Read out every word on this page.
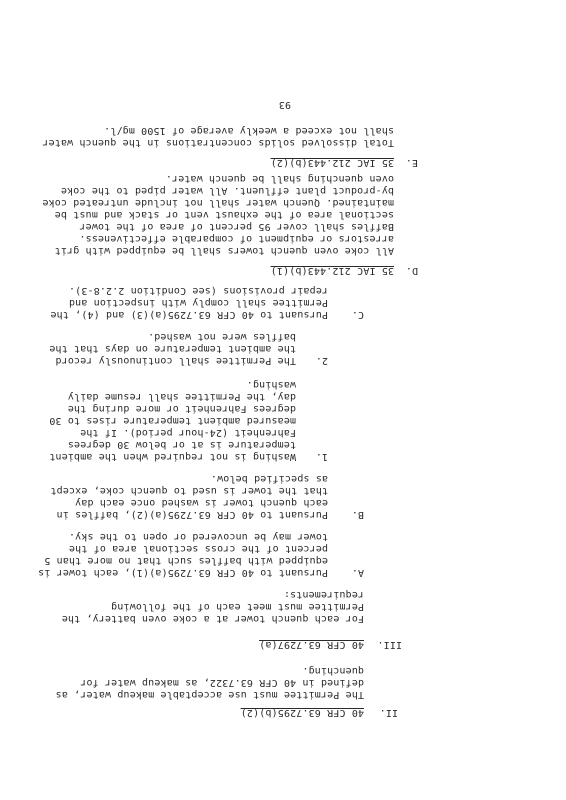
II.
40 CFR 63.7295(b)(2)
The Permittee must use acceptable makeup water, as
defined in 40 CFR 63.7322, as makeup water for
quenching.
III.
40 CFR 63.7297(a)
For each quench tower at a coke oven battery, the
Permittee must meet each of the following
requirements:
A.
Pursuant to 40 CFR 63.7295(a)(1), each tower is
equipped with baffles such that no more than 5
percent of the cross sectional area of the
tower may be uncovered or open to the sky.
B.
Pursuant to 40 CFR 63.7295(a)(2), baffles in
each quench tower is washed once each day
that the tower is used to quench coke, except
as specified below.
1.
Washing is not required when the ambient
temperature is at or below 30 degrees
Fahrenheit (24-hour period). If the
measured ambient temperature rises to 30
degrees Fahrenheit or more during the
day, the Permittee shall resume daily
washing.
2.
The Permittee shall continuously record
the ambient temperature on days that the
baffles were not washed.
C.
Pursuant to 40 CFR 63.7295(a)(3) and (4), the
Permittee shall comply with inspection and
repair provisions (see Condition 2.2.8-3).
D.
35 IAC 212.443(b)(1)
All coke oven quench towers shall be equipped with grit
arrestors or equipment of comparable effectiveness.
Baffles shall cover 95 percent of area of the tower
sectional area of the exhaust vent or stack and must be
maintained. Quench water shall not include untreated coke
by-product plant effluent. All water piped to the coke
oven quenching shall be quench water.
E.
35 IAC 212.443(b)(2)
Total dissolved solids concentrations in the quench water
shall not exceed a weekly average of 1500 mg/l.
93
